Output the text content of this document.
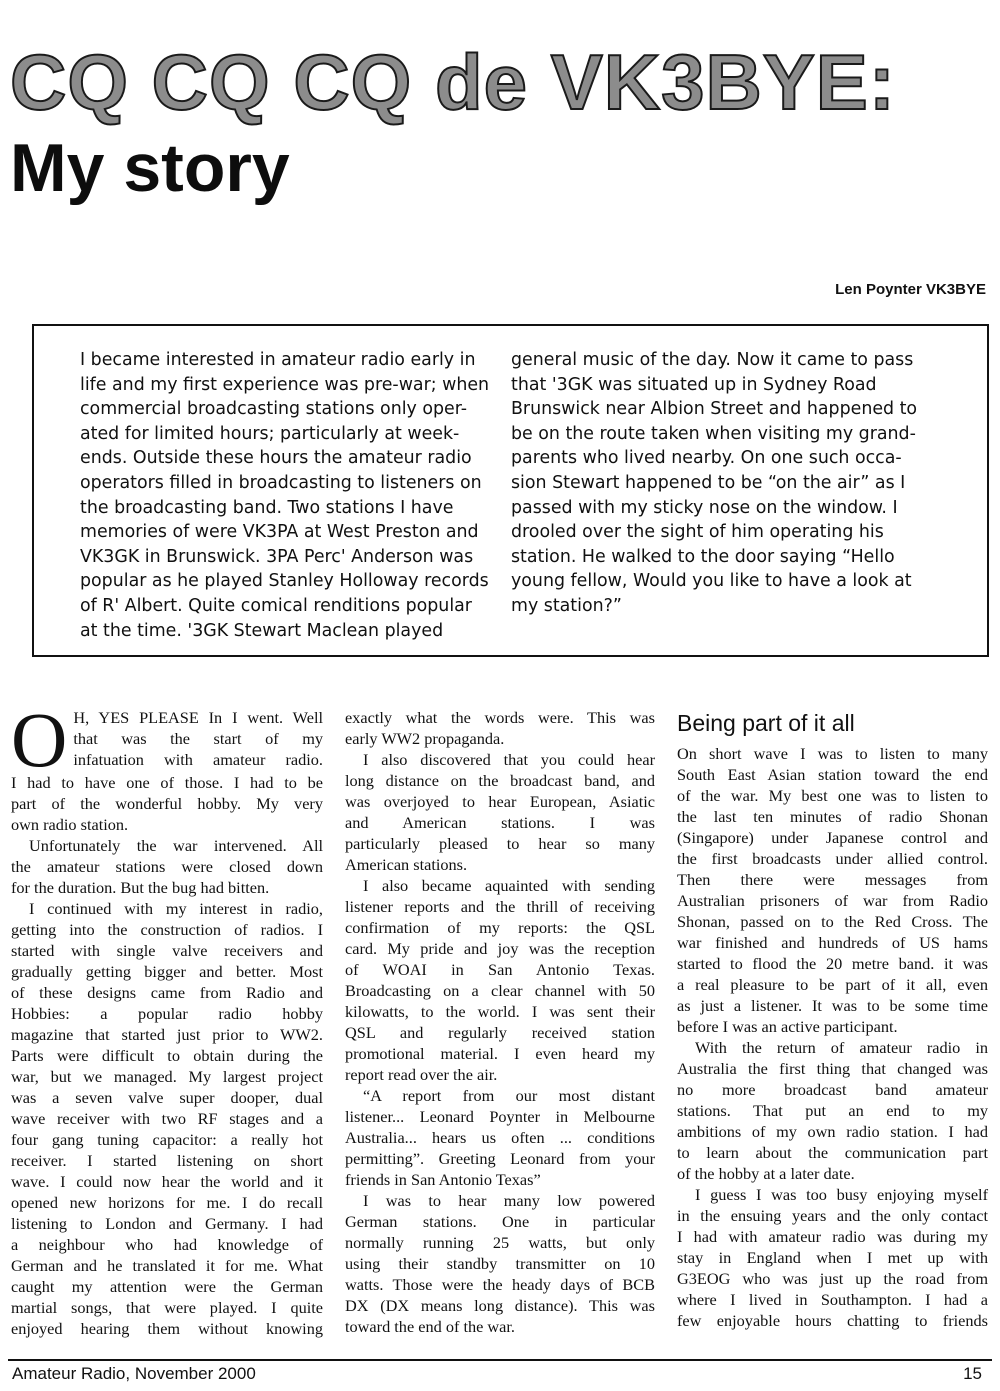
CQ CQ CQ de VK3BYE:
My story
Len Poynter VK3BYE
I became interested in amateur radio early in
life and my first experience was pre-war; when
commercial broadcasting stations only oper-
ated for limited hours; particularly at week-
ends. Outside these hours the amateur radio
operators filled in broadcasting to listeners on
the broadcasting band. Two stations I have
memories of were VK3PA at West Preston and
VK3GK in Brunswick. 3PA Perc' Anderson was
popular as he played Stanley Holloway records
of R' Albert. Quite comical renditions popular
at the time. '3GK Stewart Maclean played
general music of the day. Now it came to pass
that '3GK was situated up in Sydney Road
Brunswick near Albion Street and happened to
be on the route taken when visiting my grand-
parents who lived nearby. On one such occa-
sion Stewart happened to be “on the air” as I
passed with my sticky nose on the window. I
drooled over the sight of him operating his
station. He walked to the door saying “Hello
young fellow, Would you like to have a look at
my station?”
O H, YES PLEASE In I went. Well
that was the start of my
infatuation with amateur radio.
I had to have one of those. I had to be
part of the wonderful hobby. My very
own radio station.
Unfortunately the war intervened. All
the amateur stations were closed down
for the duration. But the bug had bitten.
I continued with my interest in radio,
getting into the construction of radios. I
started with single valve receivers and
gradually getting bigger and better. Most
of these designs came from Radio and
Hobbies: a popular radio hobby
magazine that started just prior to WW2.
Parts were difficult to obtain during the
war, but we managed. My largest project
was a seven valve super dooper, dual
wave receiver with two RF stages and a
four gang tuning capacitor: a really hot
receiver. I started listening on short
wave. I could now hear the world and it
opened new horizons for me. I do recall
listening to London and Germany. I had
a neighbour who had knowledge of
German and he translated it for me. What
caught my attention were the German
martial songs, that were played. I quite
enjoyed hearing them without knowing
exactly what the words were. This was
early WW2 propaganda.
I also discovered that you could hear
long distance on the broadcast band, and
was overjoyed to hear European, Asiatic
and American stations. I was
particularly pleased to hear so many
American stations.
I also became aquainted with sending
listener reports and the thrill of receiving
confirmation of my reports: the QSL
card. My pride and joy was the reception
of WOAI in San Antonio Texas.
Broadcasting on a clear channel with 50
kilowatts, to the world. I was sent their
QSL and regularly received station
promotional material. I even heard my
report read over the air.
“A report from our most distant
listener... Leonard Poynter in Melbourne
Australia... hears us often ... conditions
permitting”. Greeting Leonard from your
friends in San Antonio Texas”
I was to hear many low powered
German stations. One in particular
normally running 25 watts, but only
using their standby transmitter on 10
watts. Those were the heady days of BCB
DX (DX means long distance). This was
toward the end of the war.
Being part of it all
On short wave I was to listen to many
South East Asian station toward the end
of the war. My best one was to listen to
the last ten minutes of radio Shonan
(Singapore) under Japanese control and
the first broadcasts under allied control.
Then there were messages from
Australian prisoners of war from Radio
Shonan, passed on to the Red Cross. The
war finished and hundreds of US hams
started to flood the 20 metre band. it was
a real pleasure to be part of it all, even
as just a listener. It was to be some time
before I was an active participant.
With the return of amateur radio in
Australia the first thing that changed was
no more broadcast band amateur
stations. That put an end to my
ambitions of my own radio station. I had
to learn about the communication part
of the hobby at a later date.
I guess I was too busy enjoying myself
in the ensuing years and the only contact
I had with amateur radio was during my
stay in England when I met up with
G3EOG who was just up the road from
where I lived in Southampton. I had a
few enjoyable hours chatting to friends
Amateur Radio, November 2000	15
